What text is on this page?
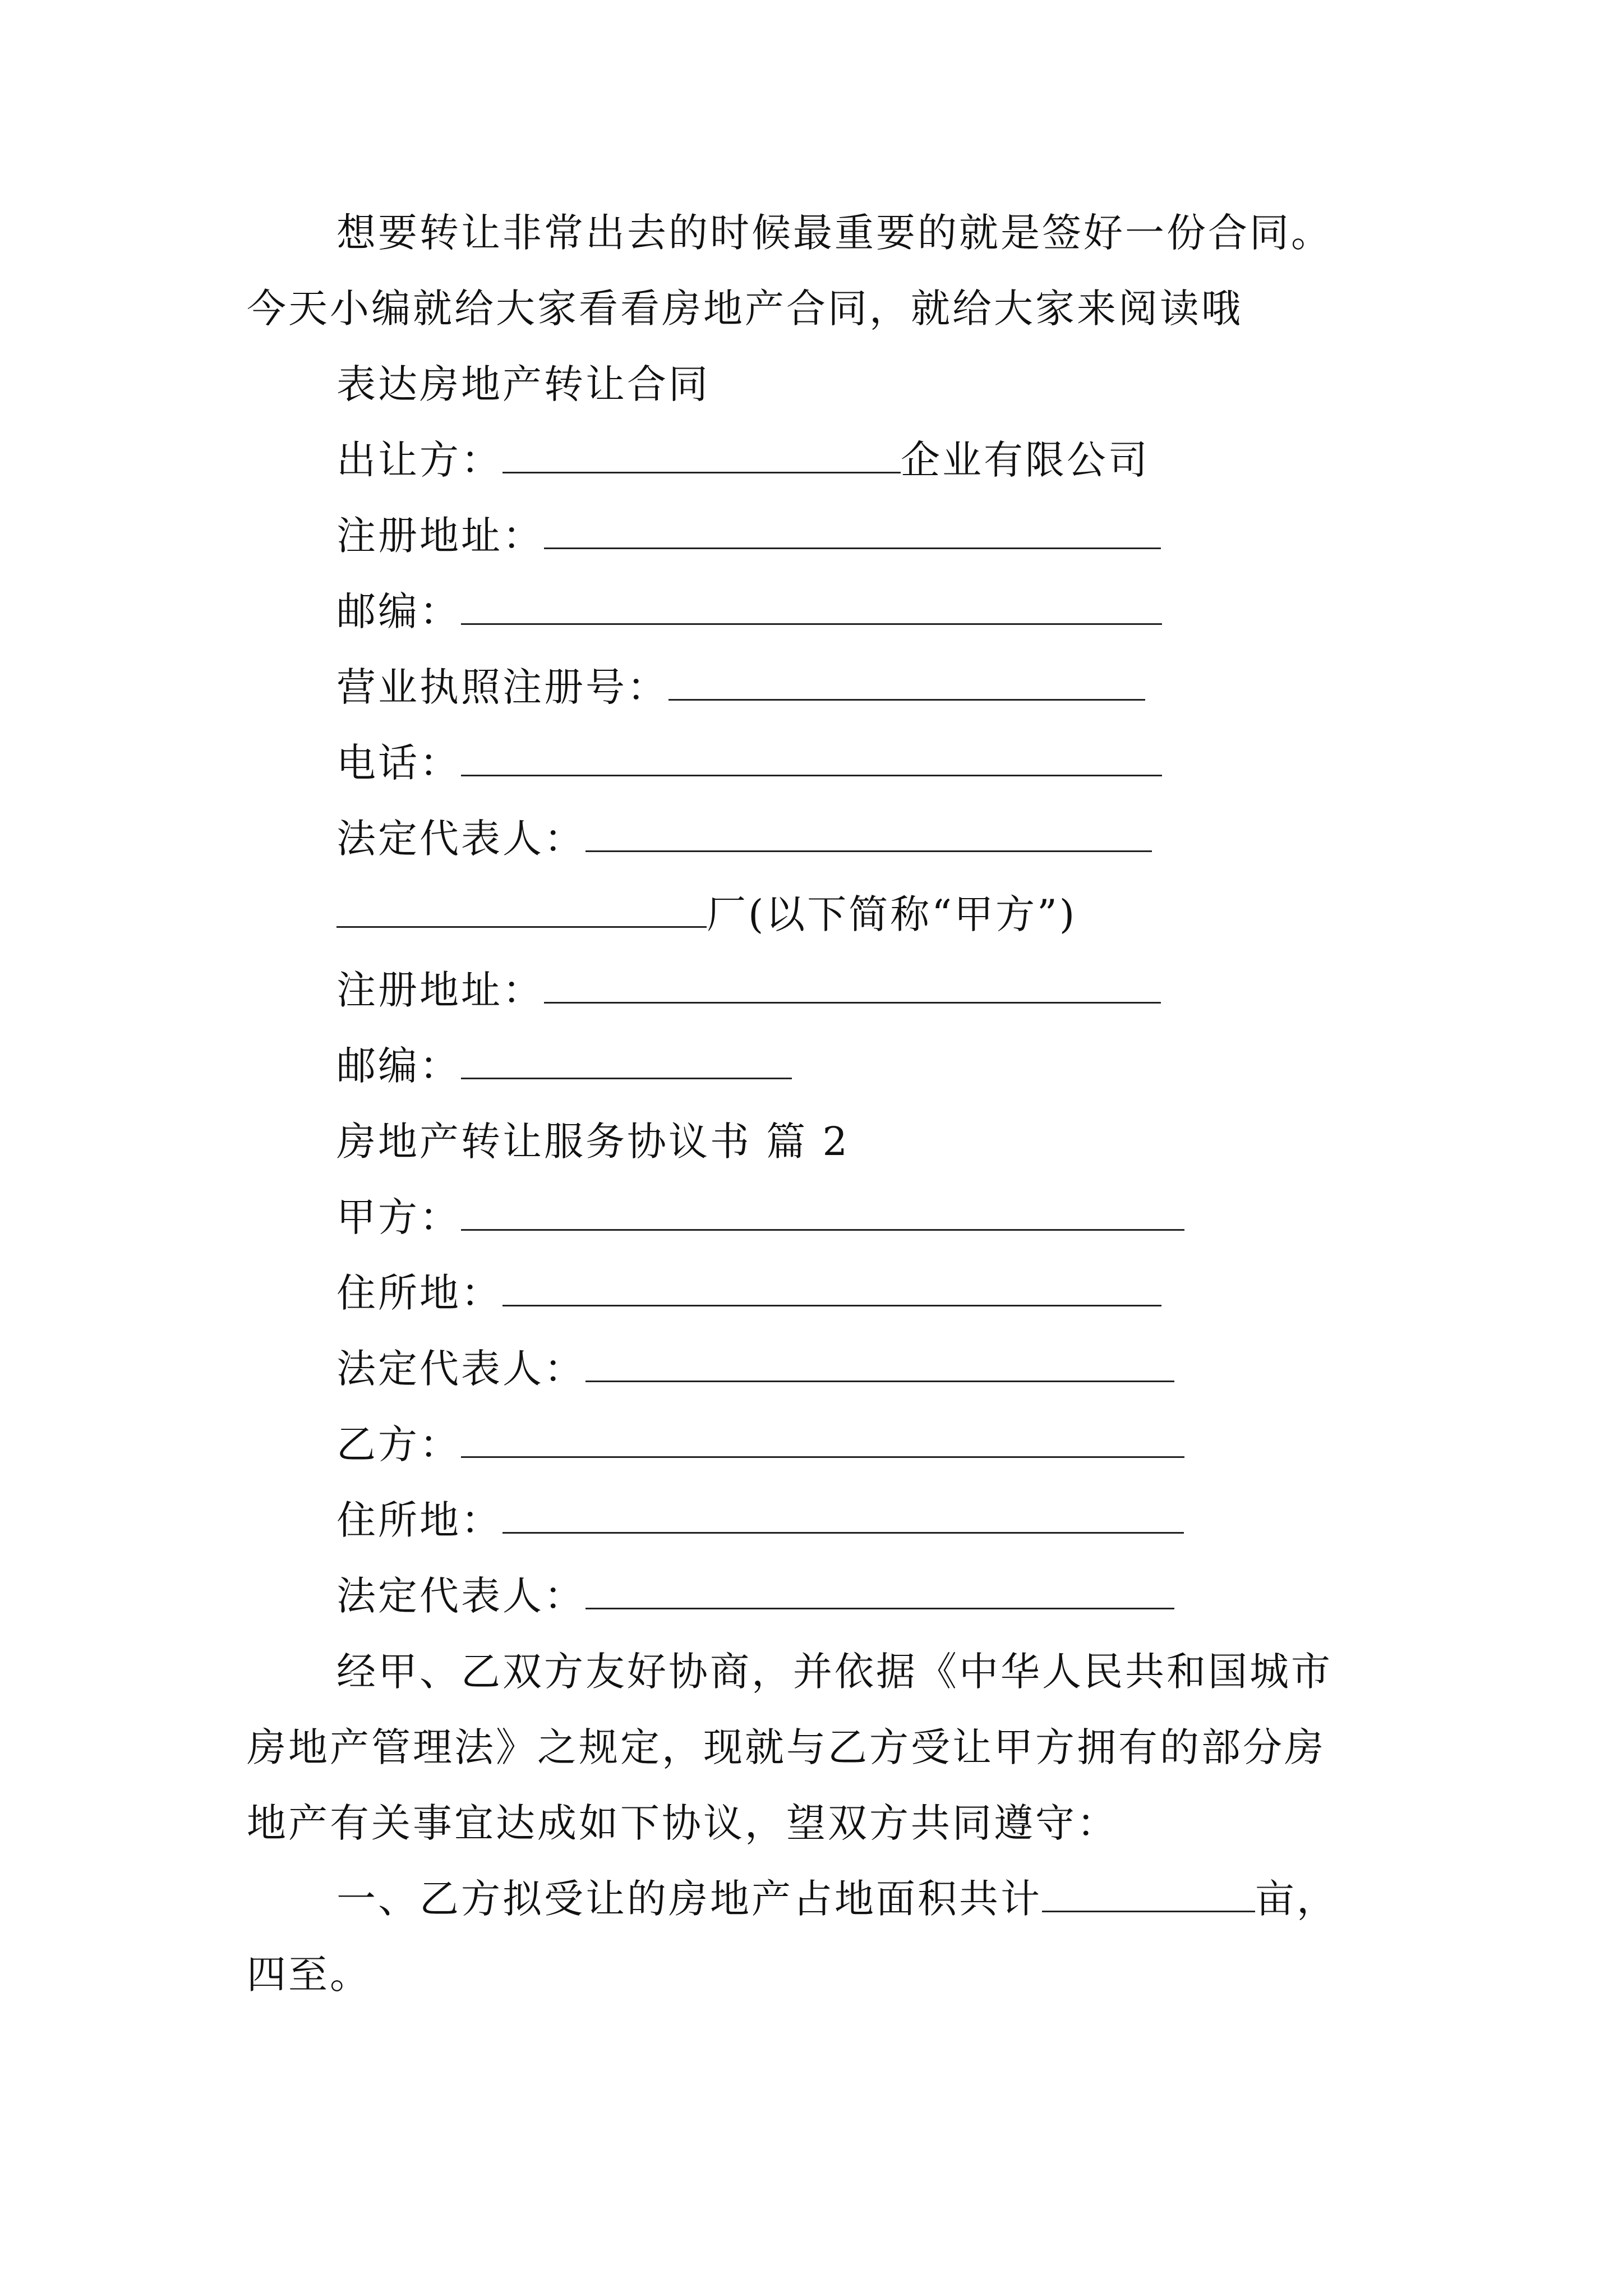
想要转让非常出去的时候最重要的就是签好一份合同。
今天小编就给大家看看房地产合同，就给大家来阅读哦
表达房地产转让合同
出让方：	企业有限公司
注册地址：
邮编：
营业执照注册号：
电话：
法定代表人：
厂(以下简称“甲方”)
注册地址：
邮编：
房地产转让服务协议书 篇 2
甲方：
住所地：
法定代表人：
乙方：
住所地：
法定代表人：
经甲、乙双方友好协商，并依据《中华人民共和国城市
房地产管理法》之规定，现就与乙方受让甲方拥有的部分房
地产有关事宜达成如下协议，望双方共同遵守：
一、乙方拟受让的房地产占地面积共计	亩，
四至。
